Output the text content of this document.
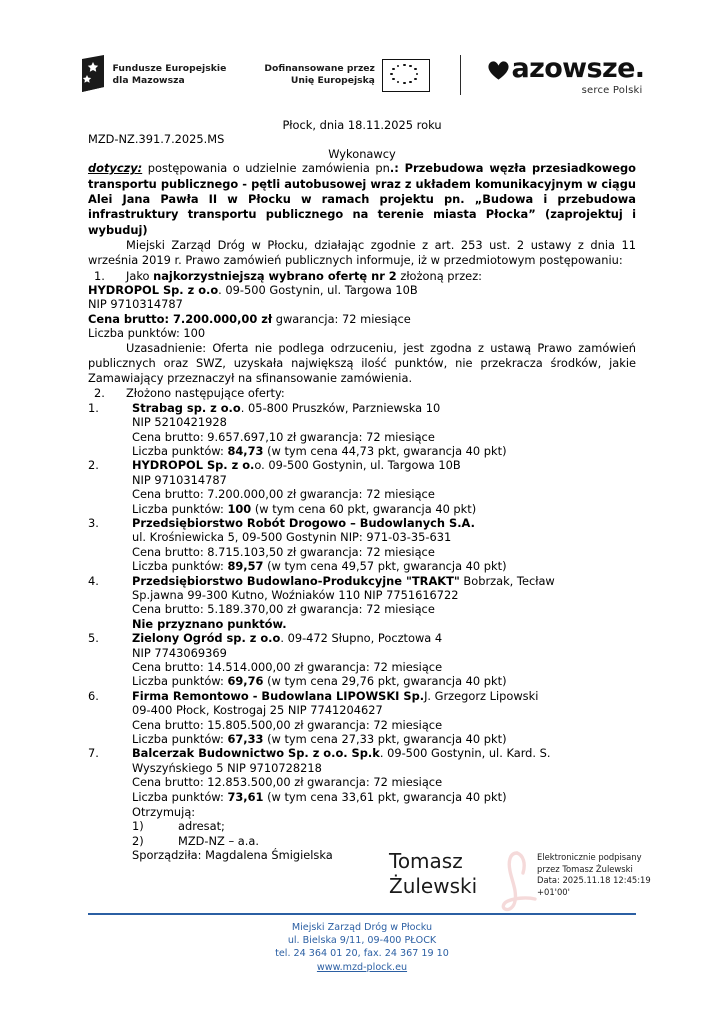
Fundusze Europejskie
dla Mazowsza
Dofinansowane przez
Unię Europejską	azowsze.
serce Polski

Płock, dnia 18.11.2025 roku

MZD-NZ.391.7.2025.MS

Wykonawcy

dotyczy: postępowania o udzielnie zamówienia pn.: Przebudowa węzła przesiadkowego transportu publicznego - pętli autobusowej wraz z układem komunikacyjnym w ciągu Alei Jana Pawła II w Płocku w ramach projektu pn. „Budowa i przebudowa infrastruktury transportu publicznego na terenie miasta Płocka” (zaprojektuj i wybuduj)

Miejski Zarząd Dróg w Płocku, działając zgodnie z art. 253 ust. 2 ustawy z dnia 11 września 2019 r. Prawo zamówień publicznych informuje, iż w przedmiotowym postępowaniu:

1.	Jako najkorzystniejszą wybrano ofertę nr 2 złożoną przez:

HYDROPOL Sp. z o.o. 09-500 Gostynin, ul. Targowa 10B

NIP 9710314787

Cena brutto: 7.200.000,00 zł gwarancja: 72 miesiące

Liczba punktów: 100

Uzasadnienie: Oferta nie podlega odrzuceniu, jest zgodna z ustawą Prawo zamówień publicznych oraz SWZ, uzyskała największą ilość punktów, nie przekracza środków, jakie Zamawiający przeznaczył na sfinansowanie zamówienia.

2.	Złożono następujące oferty:
1.	Strabag sp. z o.o. 05-800 Pruszków, Parzniewska 10
NIP 5210421928
Cena brutto: 9.657.697,10 zł gwarancja: 72 miesiące
Liczba punktów: 84,73 (w tym cena 44,73 pkt, gwarancja 40 pkt)
2.	HYDROPOL Sp. z o.o. 09-500 Gostynin, ul. Targowa 10B
NIP 9710314787
Cena brutto: 7.200.000,00 zł gwarancja: 72 miesiące
Liczba punktów: 100 (w tym cena 60 pkt, gwarancja 40 pkt)
3.	Przedsiębiorstwo Robót Drogowo – Budowlanych S.A.
ul. Krośniewicka 5, 09-500 Gostynin NIP: 971-03-35-631
Cena brutto: 8.715.103,50 zł gwarancja: 72 miesiące
Liczba punktów: 89,57 (w tym cena 49,57 pkt, gwarancja 40 pkt)
4.	Przedsiębiorstwo Budowlano-Produkcyjne "TRAKT" Bobrzak, Tecław
Sp.jawna 99-300 Kutno, Woźniaków 110 NIP 7751616722
Cena brutto: 5.189.370,00 zł gwarancja: 72 miesiące
Nie przyznano punktów.
5.	Zielony Ogród sp. z o.o. 09-472 Słupno, Pocztowa 4
NIP 7743069369
Cena brutto: 14.514.000,00 zł gwarancja: 72 miesiące
Liczba punktów: 69,76 (w tym cena 29,76 pkt, gwarancja 40 pkt)
6.	Firma Remontowo - Budowlana LIPOWSKI Sp.J. Grzegorz Lipowski
09-400 Płock, Kostrogaj 25 NIP 7741204627
Cena brutto: 15.805.500,00 zł gwarancja: 72 miesiące
Liczba punktów: 67,33 (w tym cena 27,33 pkt, gwarancja 40 pkt)
7.	Balcerzak Budownictwo Sp. z o.o. Sp.k. 09-500 Gostynin, ul. Kard. S.
Wyszyńskiego 5 NIP 9710728218
Cena brutto: 12.853.500,00 zł gwarancja: 72 miesiące
Liczba punktów: 73,61 (w tym cena 33,61 pkt, gwarancja 40 pkt)

Otrzymują:

1)	adresat;
2)	MZD-NZ – a.a.

Sporządziła: Magdalena Śmigielska	Tomasz
Żulewski
Elektronicznie podpisany
przez Tomasz Żulewski
Data: 2025.11.18 12:45:19
+01'00'
Miejski Zarząd Dróg w Płocku
ul. Bielska 9/11, 09-400 PŁOCK
tel. 24 364 01 20, fax. 24 367 19 10
www.mzd-plock.eu
